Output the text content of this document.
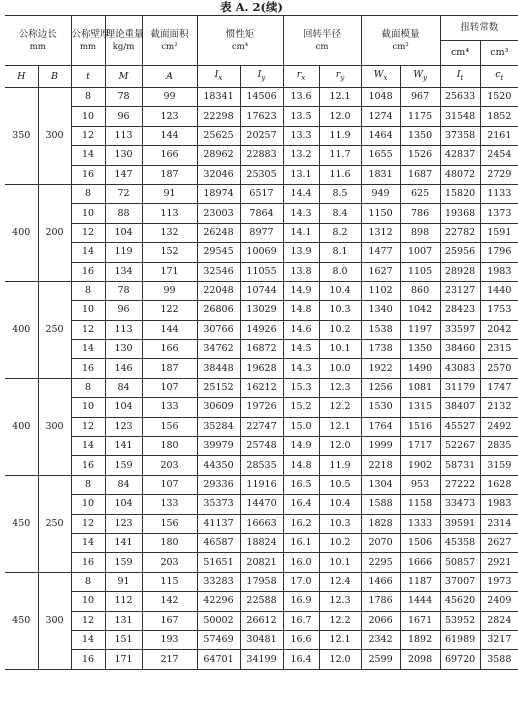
表 A. 2(续)
公称边长
mm		公称壁厚
mm	理论重量
kg/m	截面面积
cm²	惯性矩
cm⁴		回转半径
cm		截面模量
cm³		扭转常数	
											cm⁴	cm³
H	B	t	M	A	$I_x$	$I_y$	$r_x$	$r_y$	$W_x$	$W_y$	$I_t$	$c_t$
350	300	8	78	99	18341	14506	13.6	12.1	1048	967	25633	1520
		10	96	123	22298	17623	13.5	12.0	1274	1175	31548	1852
		12	113	144	25625	20257	13.3	11.9	1464	1350	37358	2161
		14	130	166	28962	22883	13.2	11.7	1655	1526	42837	2454
		16	147	187	32046	25305	13.1	11.6	1831	1687	48072	2729
400	200	8	72	91	18974	6517	14.4	8.5	949	625	15820	1133
		10	88	113	23003	7864	14.3	8.4	1150	786	19368	1373
		12	104	132	26248	8977	14.1	8.2	1312	898	22782	1591
		14	119	152	29545	10069	13.9	8.1	1477	1007	25956	1796
		16	134	171	32546	11055	13.8	8.0	1627	1105	28928	1983
400	250	8	78	99	22048	10744	14.9	10.4	1102	860	23127	1440
		10	96	122	26806	13029	14.8	10.3	1340	1042	28423	1753
		12	113	144	30766	14926	14.6	10.2	1538	1197	33597	2042
		14	130	166	34762	16872	14.5	10.1	1738	1350	38460	2315
		16	146	187	38448	19628	14.3	10.0	1922	1490	43083	2570
400	300	8	84	107	25152	16212	15.3	12.3	1256	1081	31179	1747
		10	104	133	30609	19726	15.2	12.2	1530	1315	38407	2132
		12	123	156	35284	22747	15.0	12.1	1764	1516	45527	2492
		14	141	180	39979	25748	14.9	12.0	1999	1717	52267	2835
		16	159	203	44350	28535	14.8	11.9	2218	1902	58731	3159
450	250	8	84	107	29336	11916	16.5	10.5	1304	953	27222	1628
		10	104	133	35373	14470	16.4	10.4	1588	1158	33473	1983
		12	123	156	41137	16663	16.2	10.3	1828	1333	39591	2314
		14	141	180	46587	18824	16.1	10.2	2070	1506	45358	2627
		16	159	203	51651	20821	16.0	10.1	2295	1666	50857	2921
450	300	8	91	115	33283	17958	17.0	12.4	1466	1187	37007	1973
		10	112	142	42296	22588	16.9	12.3	1786	1444	45620	2409
		12	131	167	50002	26612	16.7	12.2	2066	1671	53952	2824
		14	151	193	57469	30481	16.6	12.1	2342	1892	61989	3217
		16	171	217	64701	34199	16.4	12.0	2599	2098	69720	3588
